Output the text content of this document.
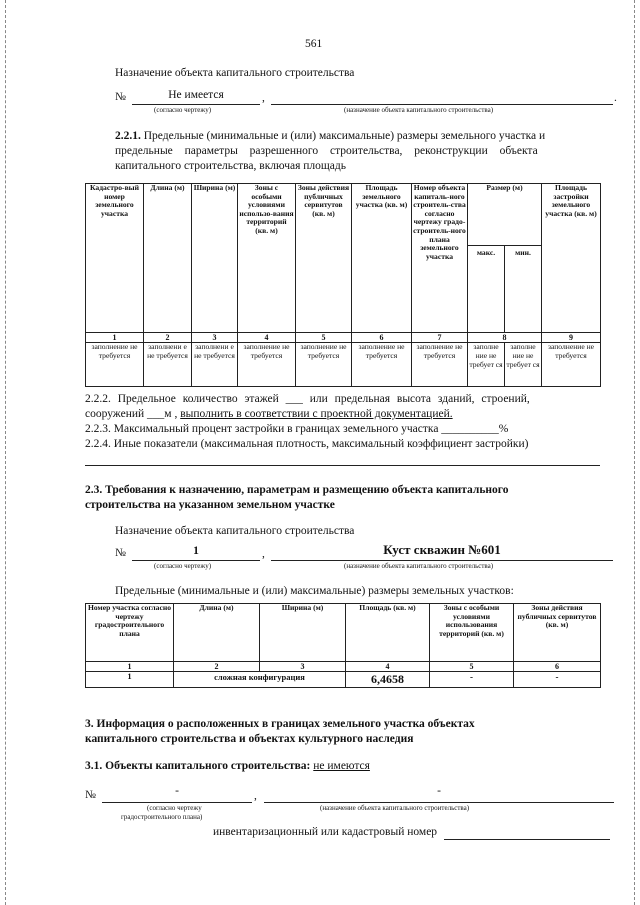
561
Назначение объекта капитального строительства
№	Не имеется	,	.
(согласно чертежу)	(назначение объекта капитального строительства)
2.2.1. Предельные (минимальные и (или) максимальные) размеры земельного участка и
предельные параметры разрешенного строительства, реконструкции объекта
капитального строительства, включая площадь
Кадастро-вый номер земельного участка	Длина (м)	Ширина (м)	Зоны с особыми условиями использо-вания территорий (кв. м)	Зоны действия публичных сервитутов (кв. м)	Площадь земельного участка (кв. м)	Номер объекта капиталь-ного строитель-ства согласно чертежу градо-строитель-ного плана земельного участка	Размер (м)		Площадь застройки земельного участка (кв. м)
							макс.	мин.	
1	2	3	4	5	6	7	8		9
заполнение не требуется	заполнени е не требуется	заполнени е не требуется	заполнение не требуется	заполнение не требуется	заполнение не требуется	заполнение не требуется	заполне ние не требует ся	заполне ние не требует ся	заполнение не требуется
2.2.2. Предельное количество этажей ___ или предельная высота зданий, строений,
сооружений ___м , выполнить в соответствии с проектной документацией.
2.2.3. Максимальный процент застройки в границах земельного участка __________%
2.2.4. Иные показатели (максимальная плотность, максимальный коэффициент застройки)
2.3. Требования к назначению, параметрам и размещению объекта капитального
строительства на указанном земельном участке
Назначение объекта капитального строительства
№	1	,	Куст скважин №601
(согласно чертежу)	(назначение объекта капитального строительства)
Предельные (минимальные и (или) максимальные) размеры земельных участков:
Номер участка согласно чертежу градостроительного плана	Длина (м)	Ширина (м)	Площадь (кв. м)	Зоны с особыми условиями использования территорий (кв. м)	Зоны действия публичных сервитутов (кв. м)
1	2	3	4	5	6
1	сложная конфигурация		6,4658	-	-
3. Информация о расположенных в границах земельного участка объектах
капитального строительства и объектах культурного наследия
3.1. Объекты капитального строительства: не имеются
№	-	,	-
(согласно чертежу
градостроительного плана)
(назначение объекта капитального строительства)
инвентаризационный или кадастровый номер
